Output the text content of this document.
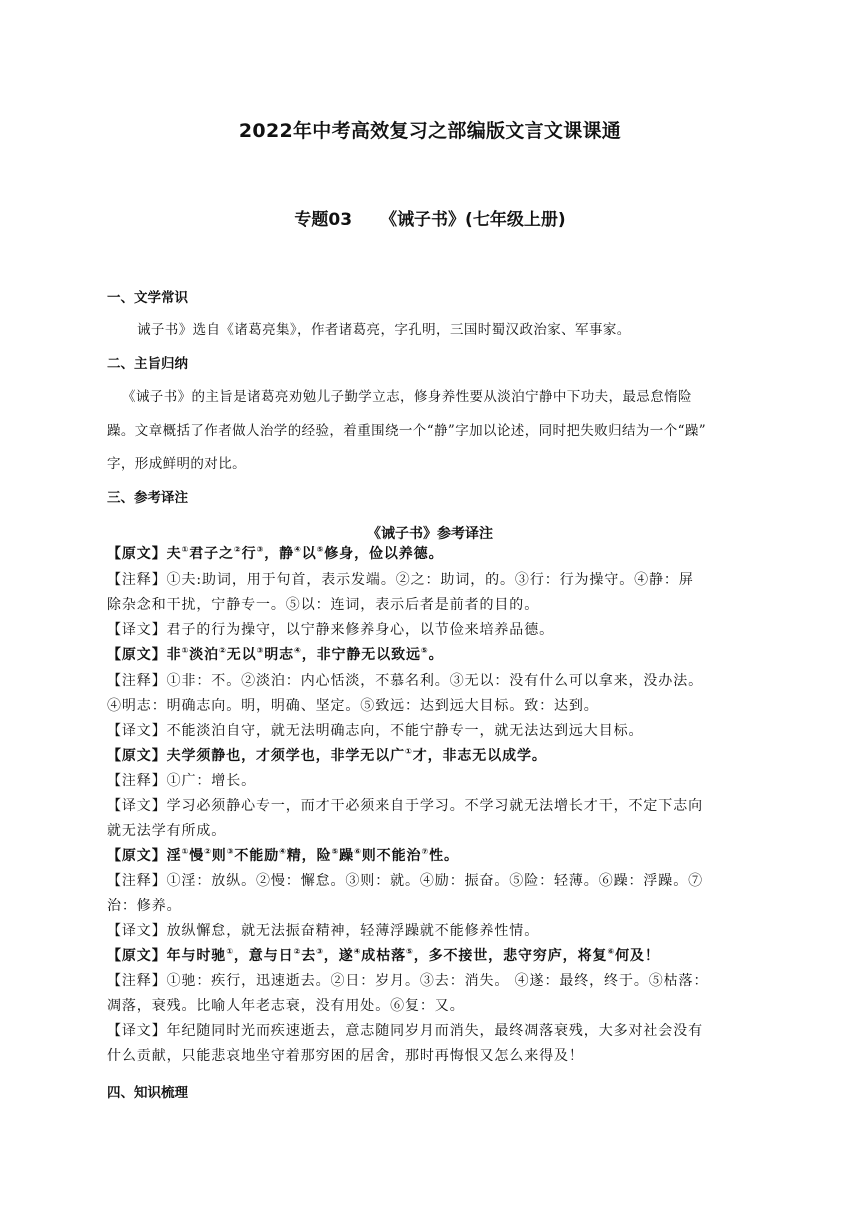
2022年中考高效复习之部编版文言文课课通
专题03 《诫子书》(七年级上册)
一、文学常识
诫子书》选自《诸葛亮集》，作者诸葛亮，字孔明，三国时蜀汉政治家、军事家。
二、主旨归纳
《诫子书》的主旨是诸葛亮劝勉儿子勤学立志，修身养性要从淡泊宁静中下功夫，最忌怠惰险
躁。文章概括了作者做人治学的经验，着重围绕一个“静”字加以论述，同时把失败归结为一个“躁”
字，形成鲜明的对比。
三、参考译注
《诫子书》参考译注
【原文】夫①君子之②行③，静④以⑤修身，俭以养德。
【注释】①夫:助词，用于句首，表示发端。②之：助词，的。③行：行为操守。④静：屏
除杂念和干扰，宁静专一。⑤以：连词，表示后者是前者的目的。
【译文】君子的行为操守，以宁静来修养身心，以节俭来培养品德。
【原文】非①淡泊②无以③明志④，非宁静无以致远⑤。
【注释】①非：不。②淡泊：内心恬淡，不慕名利。③无以：没有什么可以拿来，没办法。
④明志：明确志向。明，明确、坚定。⑤致远：达到远大目标。致：达到。
【译文】不能淡泊自守，就无法明确志向，不能宁静专一，就无法达到远大目标。
【原文】夫学须静也，才须学也，非学无以广①才，非志无以成学。
【注释】①广：增长。
【译文】学习必须静心专一，而才干必须来自于学习。不学习就无法增长才干，不定下志向
就无法学有所成。
【原文】淫①慢②则③不能励④精，险⑤躁⑥则不能治⑦性。
【注释】①淫：放纵。②慢：懈怠。③则：就。④励：振奋。⑤险：轻薄。⑥躁：浮躁。⑦
治：修养。
【译文】放纵懈怠，就无法振奋精神，轻薄浮躁就不能修养性情。
【原文】年与时驰①，意与日②去③，遂④成枯落⑤，多不接世，悲守穷庐，将复⑥何及！
【注释】①驰：疾行，迅速逝去。②日：岁月。③去：消失。 ④遂：最终，终于。⑤枯落：
凋落，衰残。比喻人年老志衰，没有用处。⑥复：又。
【译文】年纪随同时光而疾速逝去，意志随同岁月而消失，最终凋落衰残，大多对社会没有
什么贡献，只能悲哀地坐守着那穷困的居舍，那时再悔恨又怎么来得及！
四、知识梳理
